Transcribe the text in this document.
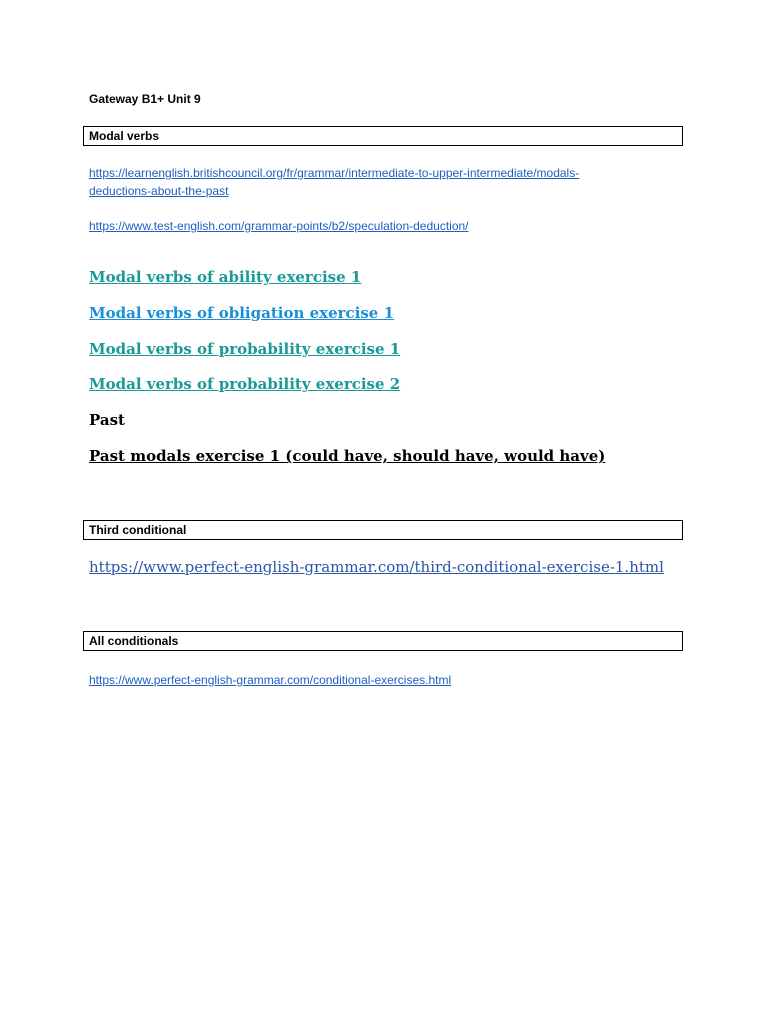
Gateway B1+ Unit 9
Modal verbs
https://learnenglish.britishcouncil.org/fr/grammar/intermediate-to-upper-intermediate/modals-
deductions-about-the-past
https://www.test-english.com/grammar-points/b2/speculation-deduction/
Modal verbs of ability exercise 1
Modal verbs of obligation exercise 1
Modal verbs of probability exercise 1
Modal verbs of probability exercise 2
Past
Past modals exercise 1 (could have, should have, would have)
Third conditional
https://www.perfect-english-grammar.com/third-conditional-exercise-1.html
All conditionals
https://www.perfect-english-grammar.com/conditional-exercises.html
